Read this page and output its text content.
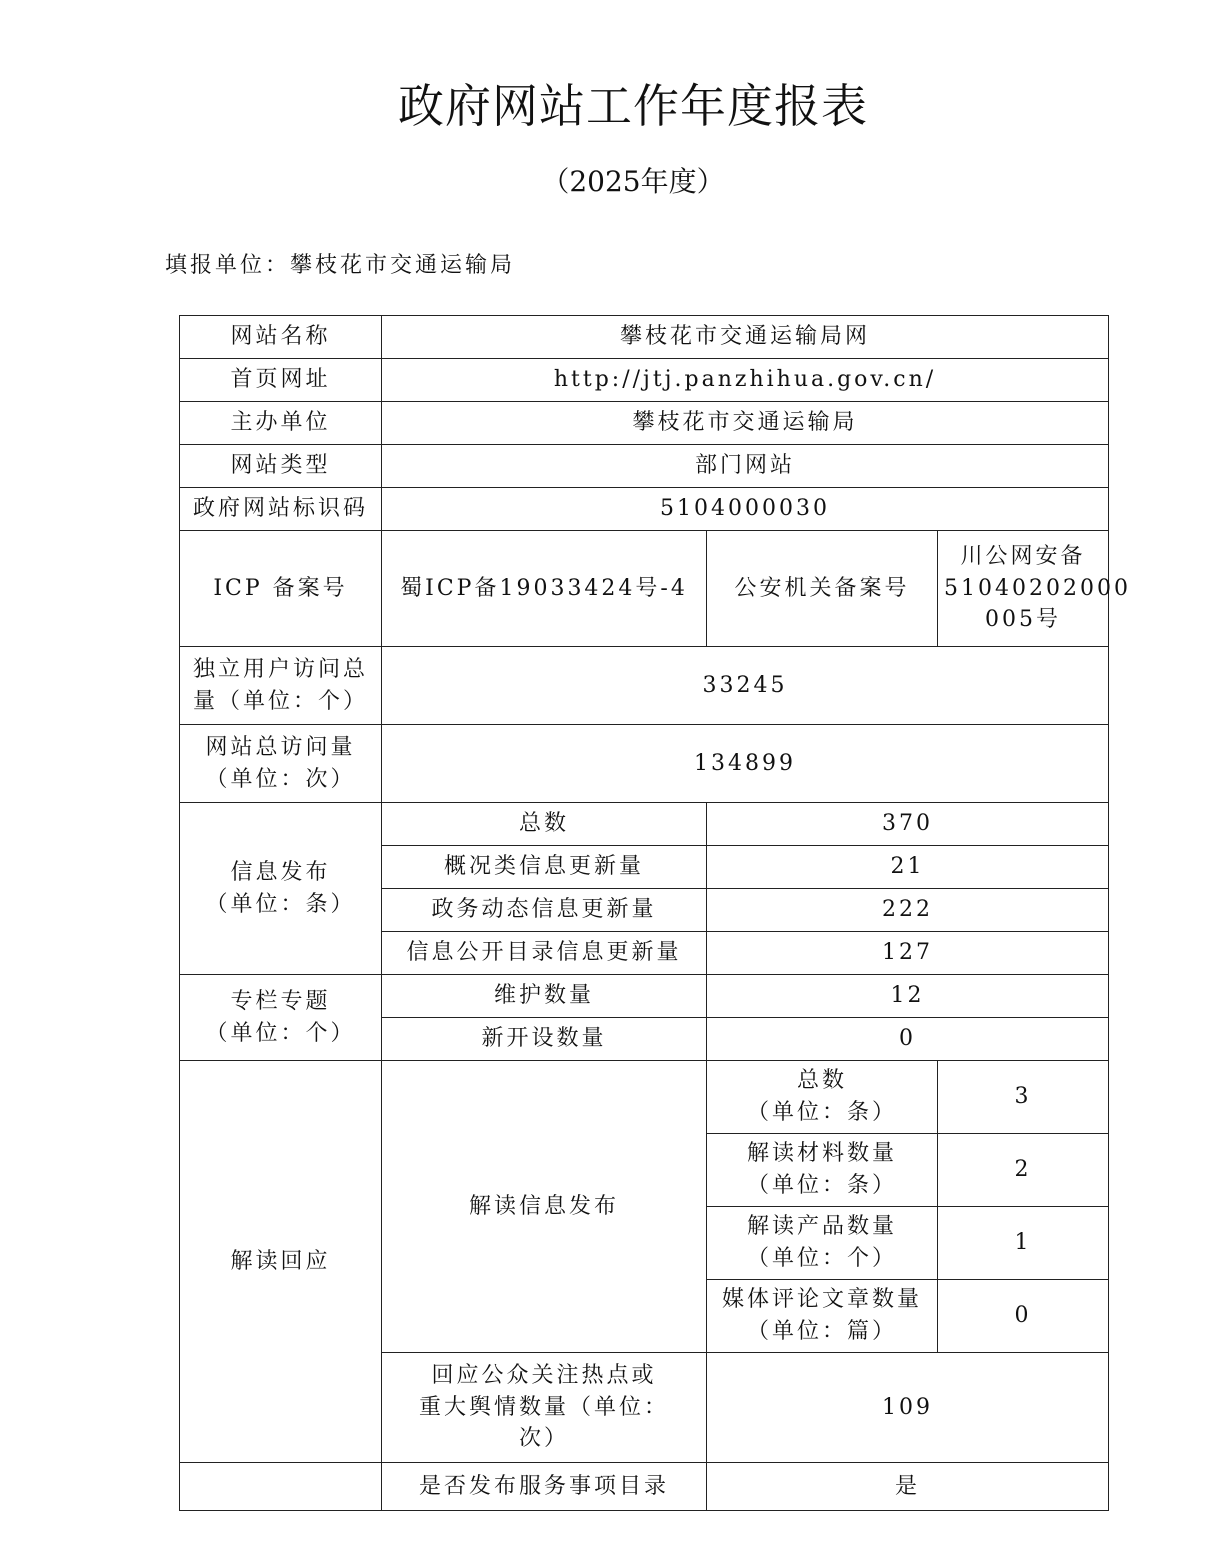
政府网站工作年度报表
（2025年度）
填报单位：攀枝花市交通运输局
网站名称	攀枝花市交通运输局网		
首页网址	http://jtj.panzhihua.gov.cn/		
主办单位	攀枝花市交通运输局		
网站类型	部门网站		
政府网站标识码	5104000030		
ICP 备案号	蜀ICP备19033424号-4	公安机关备案号	川公网安备
51040202000
005号

独立用户访问总
量（单位：个）	33245		

网站总访问量
（单位：次）	134899		

信息发布
（单位：条）	总数	370	
	概况类信息更新量	21	
	政务动态信息更新量	222	
	信息公开目录信息更新量	127	

专栏专题
（单位：个）	维护数量	12	
	新开设数量	0	
解读回应	解读信息发布	总数
（单位：条）	3

		解读材料数量
（单位：条）	2

		解读产品数量
（单位：个）	1

		媒体评论文章数量
（单位：篇）	0

	回应公众关注热点或
重大舆情数量（单位：
次）	109	
	是否发布服务事项目录	是	
